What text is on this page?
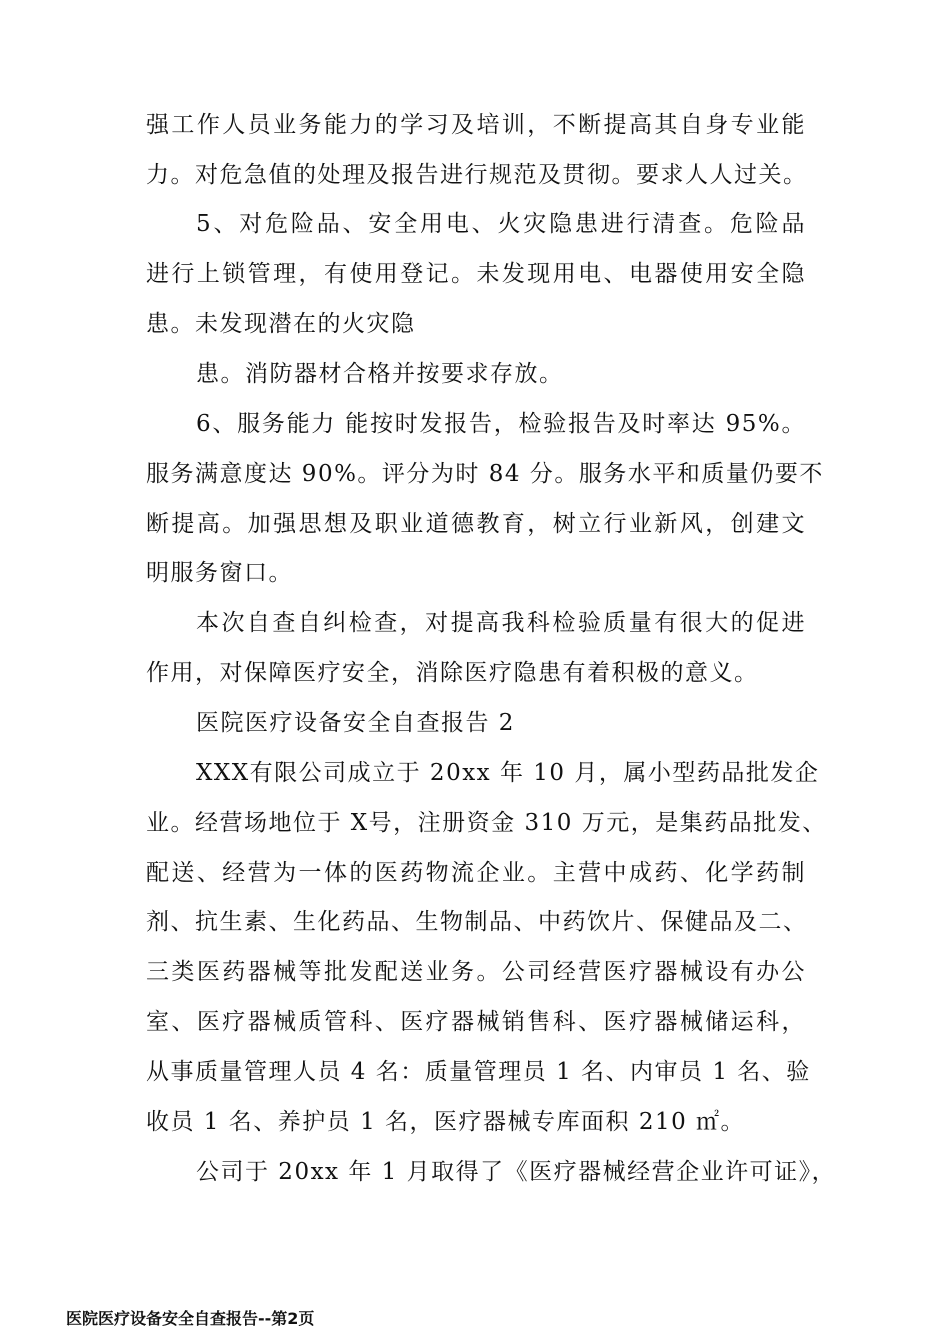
强工作人员业务能力的学习及培训，不断提高其自身专业能
力。对危急值的处理及报告进行规范及贯彻。要求人人过关。
5、对危险品、安全用电、火灾隐患进行清查。危险品
进行上锁管理，有使用登记。未发现用电、电器使用安全隐
患。未发现潜在的火灾隐
患。消防器材合格并按要求存放。
6、服务能力 能按时发报告，检验报告及时率达 95%。
服务满意度达 90%。评分为时 84 分。服务水平和质量仍要不
断提高。加强思想及职业道德教育，树立行业新风，创建文
明服务窗口。
本次自查自纠检查，对提高我科检验质量有很大的促进
作用，对保障医疗安全，消除医疗隐患有着积极的意义。
医院医疗设备安全自查报告 2
XXX有限公司成立于 20xx 年 10 月，属小型药品批发企
业。经营场地位于 X号，注册资金 310 万元，是集药品批发、
配送、经营为一体的医药物流企业。主营中成药、化学药制
剂、抗生素、生化药品、生物制品、中药饮片、保健品及二、
三类医药器械等批发配送业务。公司经营医疗器械设有办公
室、医疗器械质管科、医疗器械销售科、医疗器械储运科，
从事质量管理人员 4 名：质量管理员 1 名、内审员 1 名、验
收员 1 名、养护员 1 名，医疗器械专库面积 210 ㎡。
公司于 20xx 年 1 月取得了《医疗器械经营企业许可证》，
医院医疗设备安全自查报告--第2页
